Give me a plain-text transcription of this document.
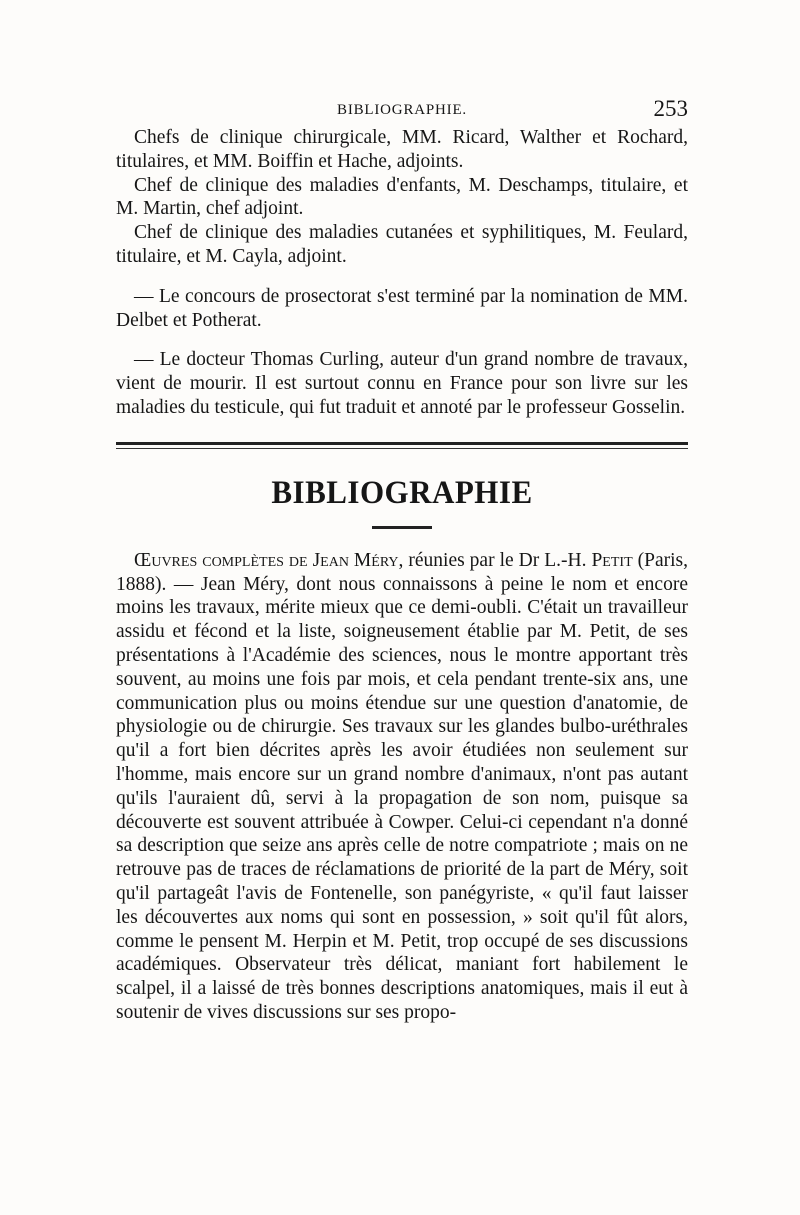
BIBLIOGRAPHIE.	253

Chefs de clinique chirurgicale, MM. Ricard, Walther et Rochard, titulaires, et MM. Boiffin et Hache, adjoints.

Chef de clinique des maladies d'enfants, M. Deschamps, titulaire, et M. Martin, chef adjoint.

Chef de clinique des maladies cutanées et syphilitiques, M. Feulard, titulaire, et M. Cayla, adjoint.

— Le concours de prosectorat s'est terminé par la nomination de MM. Delbet et Potherat.

— Le docteur Thomas Curling, auteur d'un grand nombre de travaux, vient de mourir. Il est surtout connu en France pour son livre sur les maladies du testicule, qui fut traduit et annoté par le professeur Gosselin.

BIBLIOGRAPHIE

Œuvres complètes de Jean Méry, réunies par le Dr L.-H. Petit (Paris, 1888). — Jean Méry, dont nous connaissons à peine le nom et encore moins les travaux, mérite mieux que ce demi-oubli. C'était un travailleur assidu et fécond et la liste, soigneusement établie par M. Petit, de ses présentations à l'Académie des sciences, nous le montre apportant très souvent, au moins une fois par mois, et cela pendant trente-six ans, une communication plus ou moins étendue sur une question d'anatomie, de physiologie ou de chirurgie. Ses travaux sur les glandes bulbo-uréthrales qu'il a fort bien décrites après les avoir étudiées non seulement sur l'homme, mais encore sur un grand nombre d'animaux, n'ont pas autant qu'ils l'auraient dû, servi à la propagation de son nom, puisque sa découverte est souvent attribuée à Cowper. Celui-ci cependant n'a donné sa description que seize ans après celle de notre compatriote ; mais on ne retrouve pas de traces de réclamations de priorité de la part de Méry, soit qu'il partageât l'avis de Fontenelle, son panégyriste, « qu'il faut laisser les découvertes aux noms qui sont en possession, » soit qu'il fût alors, comme le pensent M. Herpin et M. Petit, trop occupé de ses discussions académiques. Observateur très délicat, maniant fort habilement le scalpel, il a laissé de très bonnes descriptions anatomiques, mais il eut à soutenir de vives discussions sur ses propo-
